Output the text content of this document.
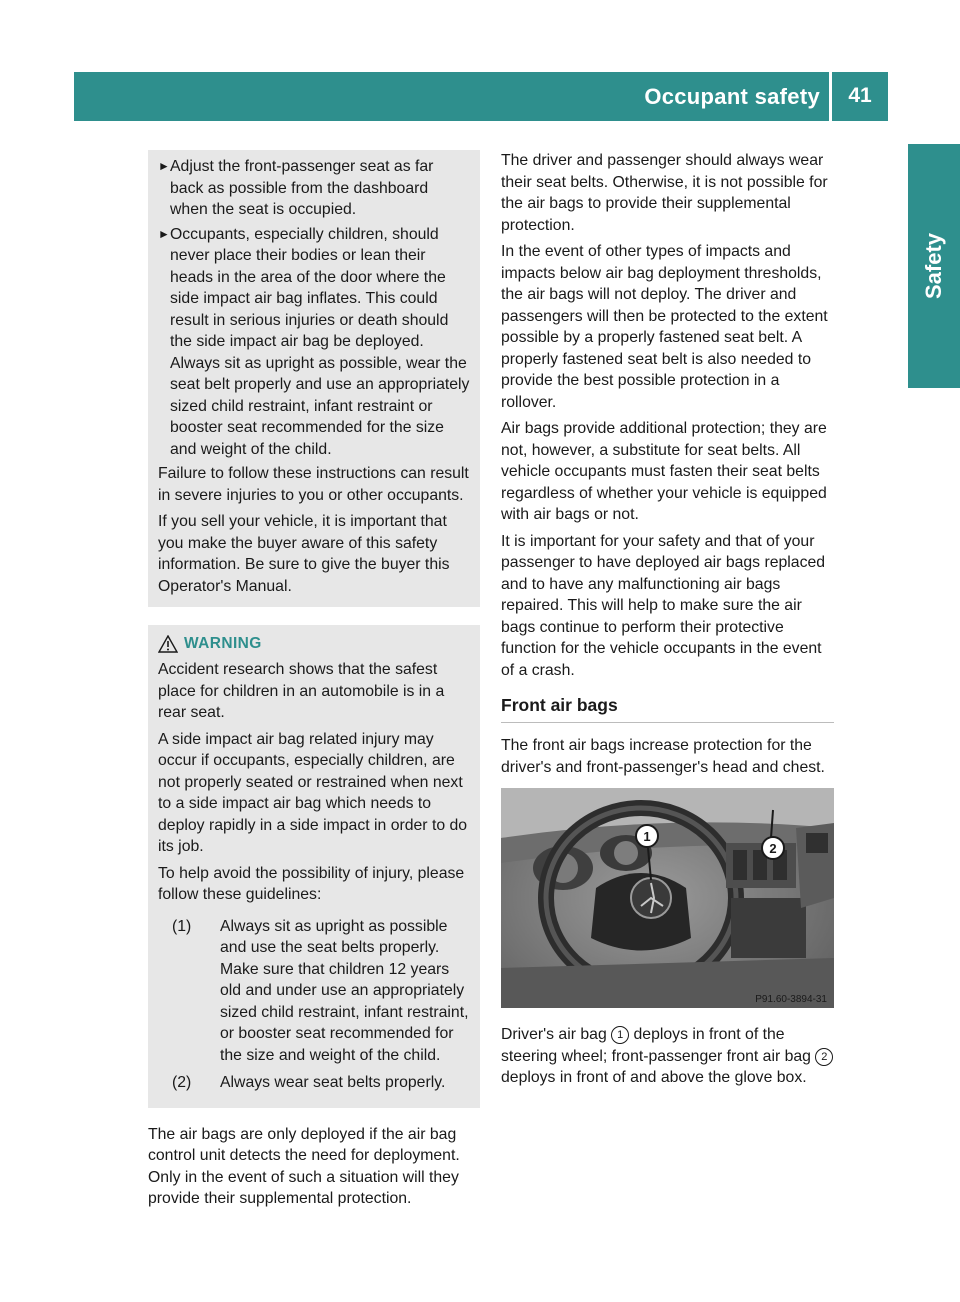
Occupant safety	41
Safety
► Adjust the front-passenger seat as far back as possible from the dashboard when the seat is occupied.
► Occupants, especially children, should never place their bodies or lean their heads in the area of the door where the side impact air bag inflates. This could result in serious injuries or death should the side impact air bag be deployed. Always sit as upright as possible, wear the seat belt properly and use an appropriately sized child restraint, infant restraint or booster seat recommended for the size and weight of the child.

Failure to follow these instructions can result in severe injuries to you or other occupants.

If you sell your vehicle, it is important that you make the buyer aware of this safety information. Be sure to give the buyer this Operator's Manual.

WARNING

Accident research shows that the safest place for children in an automobile is in a rear seat.

A side impact air bag related injury may occur if occupants, especially children, are not properly seated or restrained when next to a side impact air bag which needs to deploy rapidly in a side impact in order to do its job.

To help avoid the possibility of injury, please follow these guidelines:

(1)	Always sit as upright as possible and use the seat belts properly. Make sure that children 12 years old and under use an appropriately sized child restraint, infant restraint, or booster seat recommended for the size and weight of the child.
(2)	Always wear seat belts properly.

The air bags are only deployed if the air bag control unit detects the need for deployment. Only in the event of such a situation will they provide their supplemental protection.

The driver and passenger should always wear their seat belts. Otherwise, it is not possible for the air bags to provide their supplemental protection.

In the event of other types of impacts and impacts below air bag deployment thresholds, the air bags will not deploy. The driver and passengers will then be protected to the extent possible by a properly fastened seat belt. A properly fastened seat belt is also needed to provide the best possible protection in a rollover.

Air bags provide additional protection; they are not, however, a substitute for seat belts. All vehicle occupants must fasten their seat belts regardless of whether your vehicle is equipped with air bags or not.

It is important for your safety and that of your passenger to have deployed air bags replaced and to have any malfunctioning air bags repaired. This will help to make sure the air bags continue to perform their protective function for the vehicle occupants in the event of a crash.

Front air bags

The front air bags increase protection for the driver's and front-passenger's head and chest.

1
2
P91.60-3894-31

Driver's air bag 1 deploys in front of the steering wheel; front-passenger front air bag 2 deploys in front of and above the glove box.
